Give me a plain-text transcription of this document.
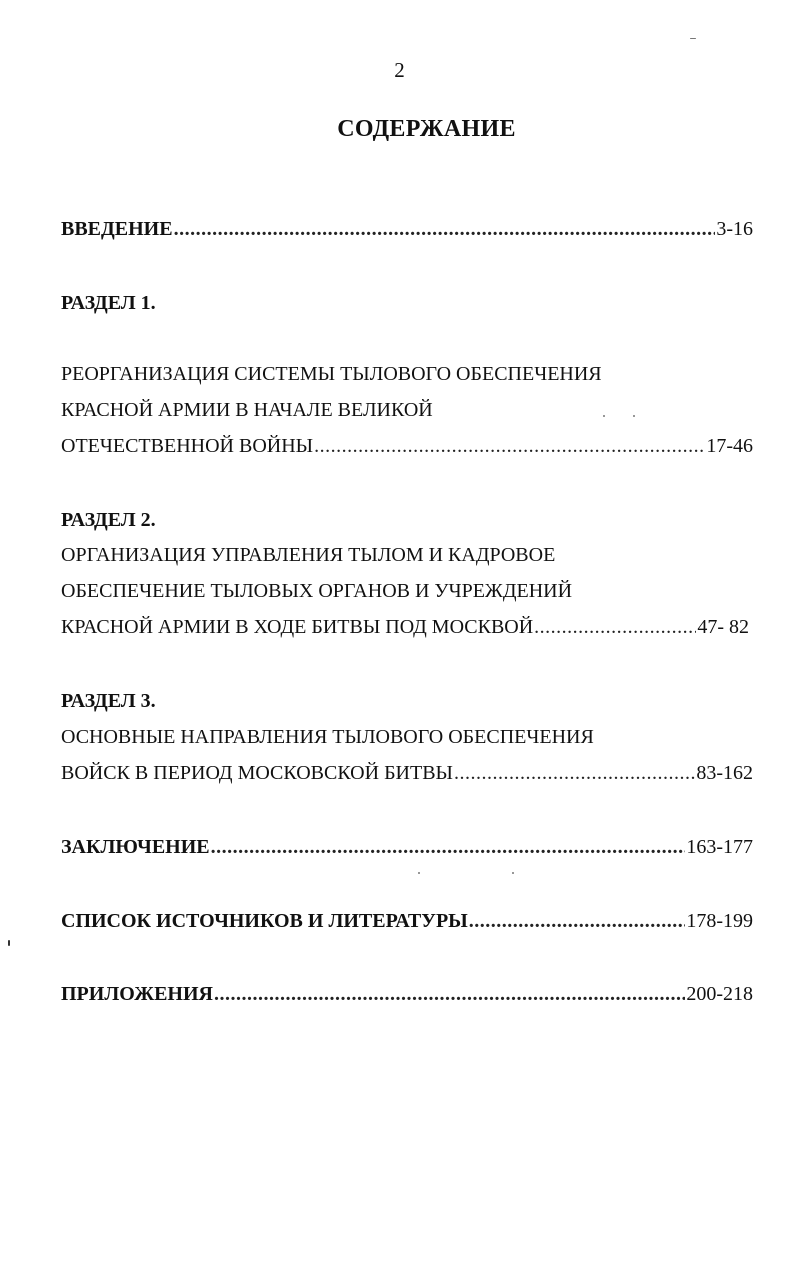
2
СОДЕРЖАНИЕ
ВВЕДЕНИЕ .....	3-16
РАЗДЕЛ 1.
РЕОРГАНИЗАЦИЯ СИСТЕМЫ ТЫЛОВОГО ОБЕСПЕЧЕНИЯ
КРАСНОЙ АРМИИ В НАЧАЛЕ ВЕЛИКОЙ
ОТЕЧЕСТВЕННОЙ ВОЙНЫ .....	17-46
РАЗДЕЛ 2.
ОРГАНИЗАЦИЯ УПРАВЛЕНИЯ ТЫЛОМ И КАДРОВОЕ
ОБЕСПЕЧЕНИЕ ТЫЛОВЫХ ОРГАНОВ И УЧРЕЖДЕНИЙ
КРАСНОЙ АРМИИ В ХОДЕ БИТВЫ ПОД МОСКВОЙ .....	47- 82
РАЗДЕЛ 3.
ОСНОВНЫЕ НАПРАВЛЕНИЯ ТЫЛОВОГО ОБЕСПЕЧЕНИЯ
ВОЙСК В ПЕРИОД МОСКОВСКОЙ БИТВЫ .....	83-162
ЗАКЛЮЧЕНИЕ .....	163-177
СПИСОК ИСТОЧНИКОВ И ЛИТЕРАТУРЫ .....	178-199
ПРИЛОЖЕНИЯ .....	200-218
